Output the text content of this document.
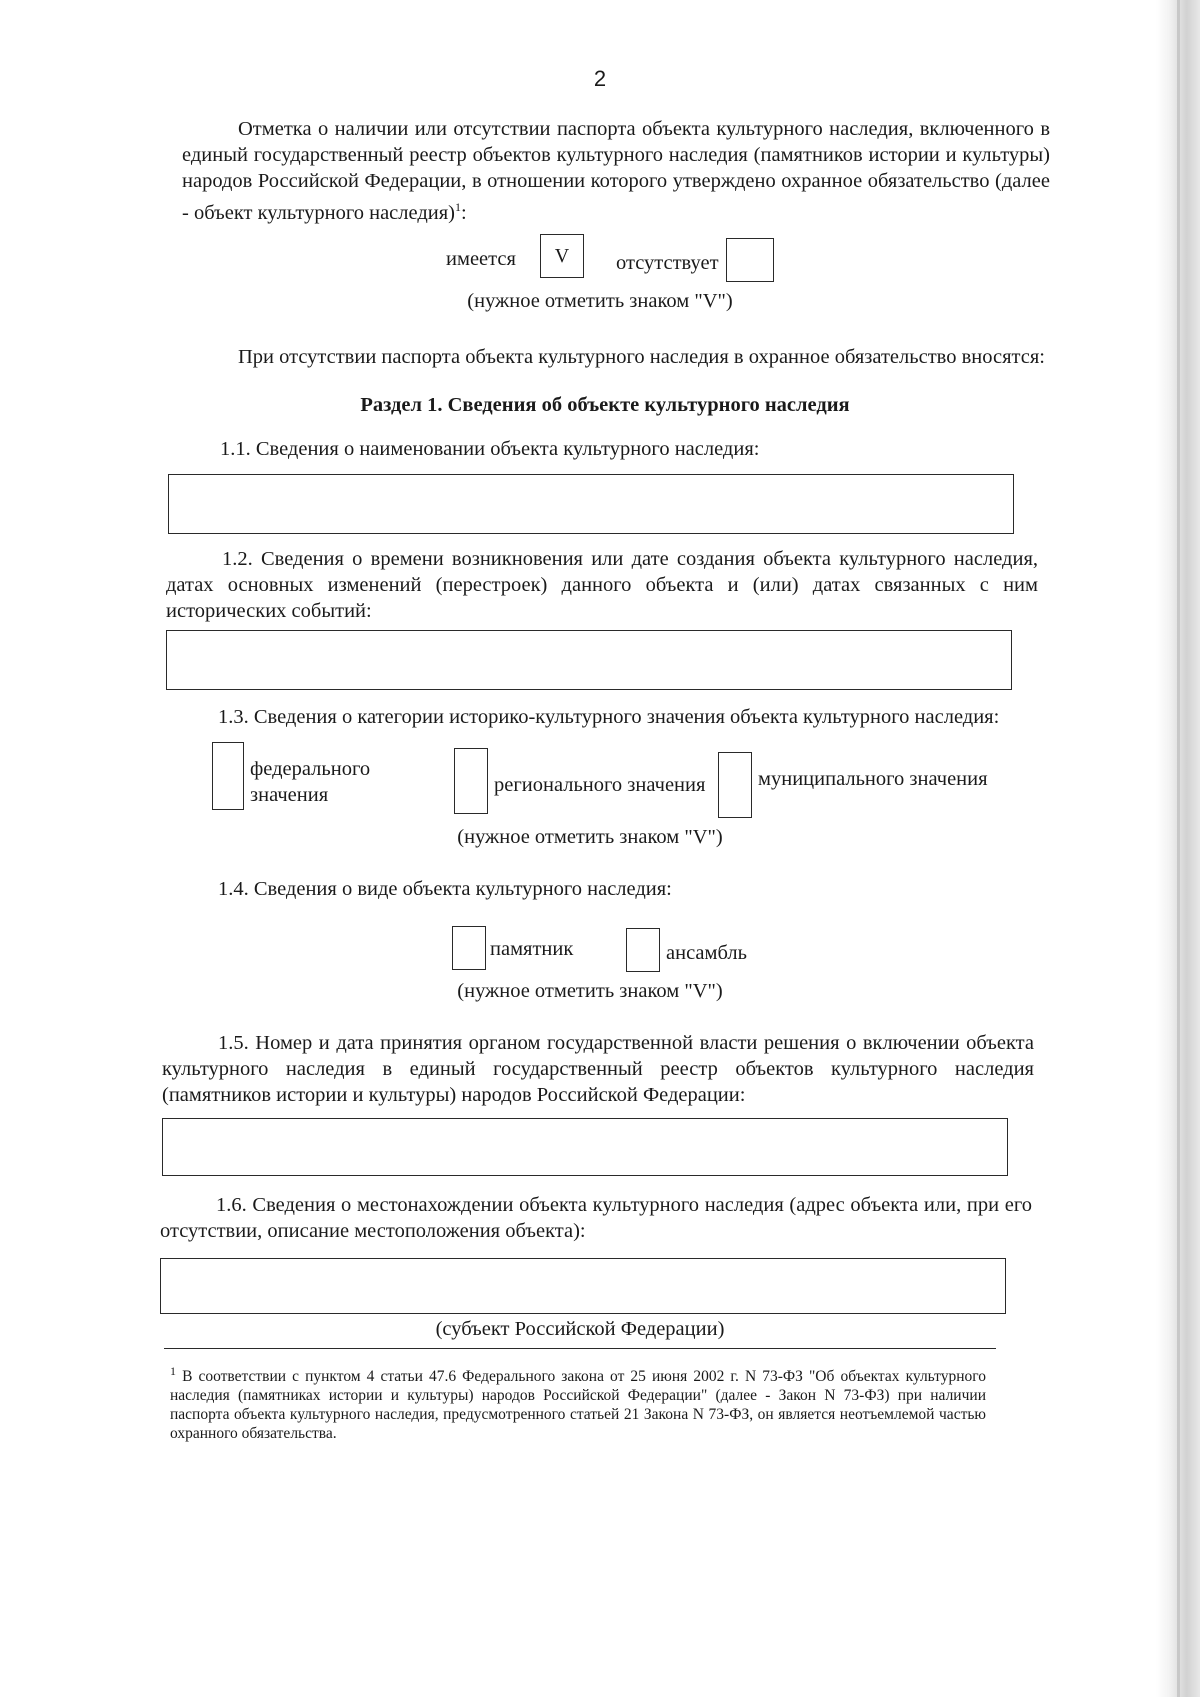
2
Отметка о наличии или отсутствии паспорта объекта культурного наследия, включенного в единый государственный реестр объектов культурного наследия (памятников истории и культуры) народов Российской Федерации, в отношении которого утверждено охранное обязательство (далее - объект культурного наследия)$^1$:
имеется	V	отсутствует
(нужное отметить знаком "V")
При отсутствии паспорта объекта культурного наследия в охранное обязательство вносятся:
Раздел 1. Сведения об объекте культурного наследия
1.1. Сведения о наименовании объекта культурного наследия:
1.2. Сведения о времени возникновения или дате создания объекта культурного наследия, датах основных изменений (перестроек) данного объекта и (или) датах связанных с ним исторических событий:
1.3. Сведения о категории историко-культурного значения объекта культурного наследия:
федерального
значения	регионального значения	муниципального значения
(нужное отметить знаком "V")
1.4. Сведения о виде объекта культурного наследия:
памятник	ансамбль
(нужное отметить знаком "V")
1.5. Номер и дата принятия органом государственной власти решения о включении объекта культурного наследия в единый государственный реестр объектов культурного наследия (памятников истории и культуры) народов Российской Федерации:
1.6. Сведения о местонахождении объекта культурного наследия (адрес объекта или, при его отсутствии, описание местоположения объекта):
(субъект Российской Федерации)
$^1$ В соответствии с пунктом 4 статьи 47.6 Федерального закона от 25 июня 2002 г. N 73-ФЗ "Об объектах культурного наследия (памятниках истории и культуры) народов Российской Федерации" (далее - Закон N 73-ФЗ) при наличии паспорта объекта культурного наследия, предусмотренного статьей 21 Закона N 73-ФЗ, он является неотъемлемой частью охранного обязательства.
